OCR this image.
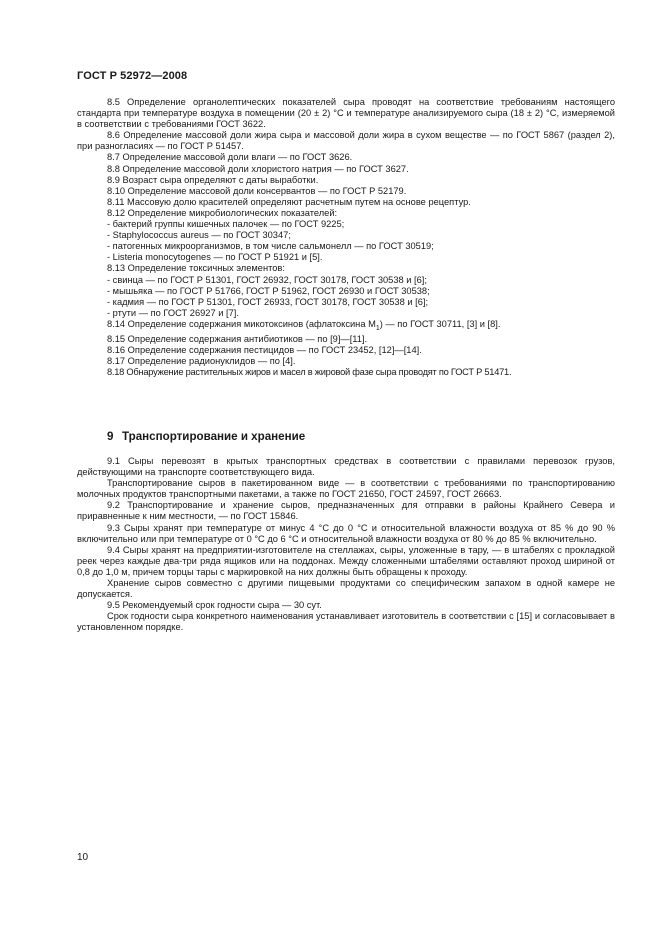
ГОСТ Р 52972—2008

8.5 Определение органолептических показателей сыра проводят на соответствие требованиям настоящего стандарта при температуре воздуха в помещении (20 ± 2) °С и температуре анализируемого сыра (18 ± 2) °С, измеряемой в соответствии с требованиями ГОСТ 3622.

8.6 Определение массовой доли жира сыра и массовой доли жира в сухом веществе — по ГОСТ 5867 (раздел 2), при разногласиях — по ГОСТ Р 51457.

8.7 Определение массовой доли влаги — по ГОСТ 3626.
8.8 Определение массовой доли хлористого натрия — по ГОСТ 3627.
8.9 Возраст сыра определяют с даты выработки.
8.10 Определение массовой доли консервантов — по ГОСТ Р 52179.
8.11 Массовую долю красителей определяют расчетным путем на основе рецептур.
8.12 Определение микробиологических показателей:
- бактерий группы кишечных палочек — по ГОСТ 9225;
- Staphylococcus aureus — по ГОСТ 30347;
- патогенных микроорганизмов, в том числе сальмонелл — по ГОСТ 30519;
- Listeria monocytogenes — по ГОСТ Р 51921 и [5].
8.13 Определение токсичных элементов:
- свинца — по ГОСТ Р 51301, ГОСТ 26932, ГОСТ 30178, ГОСТ 30538 и [6];
- мышьяка — по ГОСТ Р 51766, ГОСТ Р 51962, ГОСТ 26930 и ГОСТ 30538;
- кадмия — по ГОСТ Р 51301, ГОСТ 26933, ГОСТ 30178, ГОСТ 30538 и [6];
- ртути — по ГОСТ 26927 и [7].
8.14 Определение содержания микотоксинов (афлатоксина $М_1$) — по ГОСТ 30711, [3] и [8].
8.15 Определение содержания антибиотиков — по [9]—[11].
8.16 Определение содержания пестицидов — по ГОСТ 23452, [12]—[14].
8.17 Определение радионуклидов — по [4].
8.18 Обнаружение растительных жиров и масел в жировой фазе сыра проводят по ГОСТ Р 51471.
9 Транспортирование и хранение

9.1 Сыры перевозят в крытых транспортных средствах в соответствии с правилами перевозок грузов, действующими на транспорте соответствующего вида.

Транспортирование сыров в пакетированном виде — в соответствии с требованиями по транспортированию молочных продуктов транспортными пакетами, а также по ГОСТ 21650, ГОСТ 24597, ГОСТ 26663.

9.2 Транспортирование и хранение сыров, предназначенных для отправки в районы Крайнего Севера и приравненные к ним местности, — по ГОСТ 15846.

9.3 Сыры хранят при температуре от минус 4 °С до 0 °С и относительной влажности воздуха от 85 % до 90 % включительно или при температуре от 0 °С до 6 °С и относительной влажности воздуха от 80 % до 85 % включительно.

9.4 Сыры хранят на предприятии-изготовителе на стеллажах, сыры, уложенные в тару, — в штабелях с прокладкой реек через каждые два-три ряда ящиков или на поддонах. Между сложенными штабелями оставляют проход шириной от 0,8 до 1,0 м, причем торцы тары с маркировкой на них должны быть обращены к проходу.

Хранение сыров совместно с другими пищевыми продуктами со специфическим запахом в одной камере не допускается.

9.5 Рекомендуемый срок годности сыра — 30 сут.

Срок годности сыра конкретного наименования устанавливает изготовитель в соответствии с [15] и согласовывает в установленном порядке.

10
